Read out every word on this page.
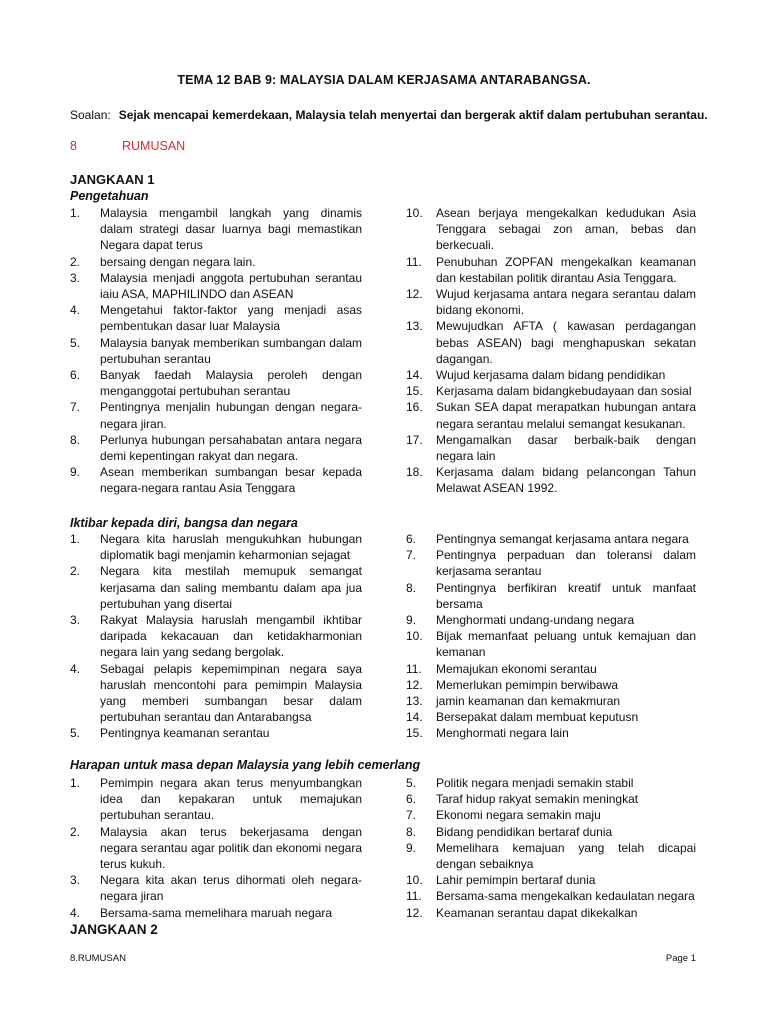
TEMA 12 BAB 9: MALAYSIA DALAM KERJASAMA ANTARABANGSA.
Soalan: Sejak mencapai kemerdekaan, Malaysia telah menyertai dan bergerak aktif dalam pertubuhan serantau.
8	RUMUSAN
JANGKAAN 1
Pengetahuan
1.	Malaysia mengambil langkah yang dinamis dalam strategi dasar luarnya bagi memastikan Negara dapat terus
2.	bersaing dengan negara lain.
3.	Malaysia menjadi anggota pertubuhan serantau iaiu ASA, MAPHILINDO dan ASEAN
4.	Mengetahui faktor-faktor yang menjadi asas pembentukan dasar luar Malaysia
5.	Malaysia banyak memberikan sumbangan dalam pertubuhan serantau
6.	Banyak faedah Malaysia peroleh dengan menganggotai pertubuhan serantau
7.	Pentingnya menjalin hubungan dengan negara-negara jiran.
8.	Perlunya hubungan persahabatan antara negara demi kepentingan rakyat dan negara.
9.	Asean memberikan sumbangan besar kepada negara-negara rantau Asia Tenggara
10.	Asean berjaya mengekalkan kedudukan Asia Tenggara sebagai zon aman, bebas dan berkecuali.
11.	Penubuhan ZOPFAN mengekalkan keamanan dan kestabilan politik dirantau Asia Tenggara.
12.	Wujud kerjasama antara negara serantau dalam bidang ekonomi.
13.	Mewujudkan AFTA ( kawasan perdagangan bebas ASEAN) bagi menghapuskan sekatan dagangan.
14.	Wujud kerjasama dalam bidang pendidikan
15.	Kerjasama dalam bidangkebudayaan dan sosial
16.	Sukan SEA dapat merapatkan hubungan antara negara serantau melalui semangat kesukanan.
17.	Mengamalkan dasar berbaik-baik dengan negara lain
18.	Kerjasama dalam bidang pelancongan Tahun Melawat ASEAN 1992.
Iktibar kepada diri, bangsa dan negara
1.	Negara kita haruslah mengukuhkan hubungan diplomatik bagi menjamin keharmonian sejagat
2.	Negara kita mestilah memupuk semangat kerjasama dan saling membantu dalam apa jua pertubuhan yang disertai
3.	Rakyat Malaysia haruslah mengambil ikhtibar daripada kekacauan dan ketidakharmonian negara lain yang sedang bergolak.
4.	Sebagai pelapis kepemimpinan negara saya haruslah mencontohi para pemimpin Malaysia yang memberi sumbangan besar dalam pertubuhan serantau dan Antarabangsa
5.	Pentingnya keamanan serantau
6.	Pentingnya semangat kerjasama antara negara
7.	Pentingnya perpaduan dan toleransi dalam kerjasama serantau
8.	Pentingnya berfikiran kreatif untuk manfaat bersama
9.	Menghormati undang-undang negara
10.	Bijak memanfaat peluang untuk kemajuan dan kemanan
11.	Memajukan ekonomi serantau
12.	Memerlukan pemimpin berwibawa
13.	jamin keamanan dan kemakmuran
14.	Bersepakat dalam membuat keputusn
15.	Menghormati negara lain
Harapan untuk masa depan Malaysia yang lebih cemerlang
1.	Pemimpin negara akan terus menyumbangkan idea dan kepakaran untuk memajukan pertubuhan serantau.
2.	Malaysia akan terus bekerjasama dengan negara serantau agar politik dan ekonomi negara terus kukuh.
3.	Negara kita akan terus dihormati oleh negara-negara jiran
4.	Bersama-sama memelihara maruah negara
5.	Politik negara menjadi semakin stabil
6.	Taraf hidup rakyat semakin meningkat
7.	Ekonomi negara semakin maju
8.	Bidang pendidikan bertaraf dunia
9.	Memelihara kemajuan yang telah dicapai dengan sebaiknya
10.	Lahir pemimpin bertaraf dunia
11.	Bersama-sama mengekalkan kedaulatan negara
12.	Keamanan serantau dapat dikekalkan
JANGKAAN 2
8.RUMUSAN	Page 1
